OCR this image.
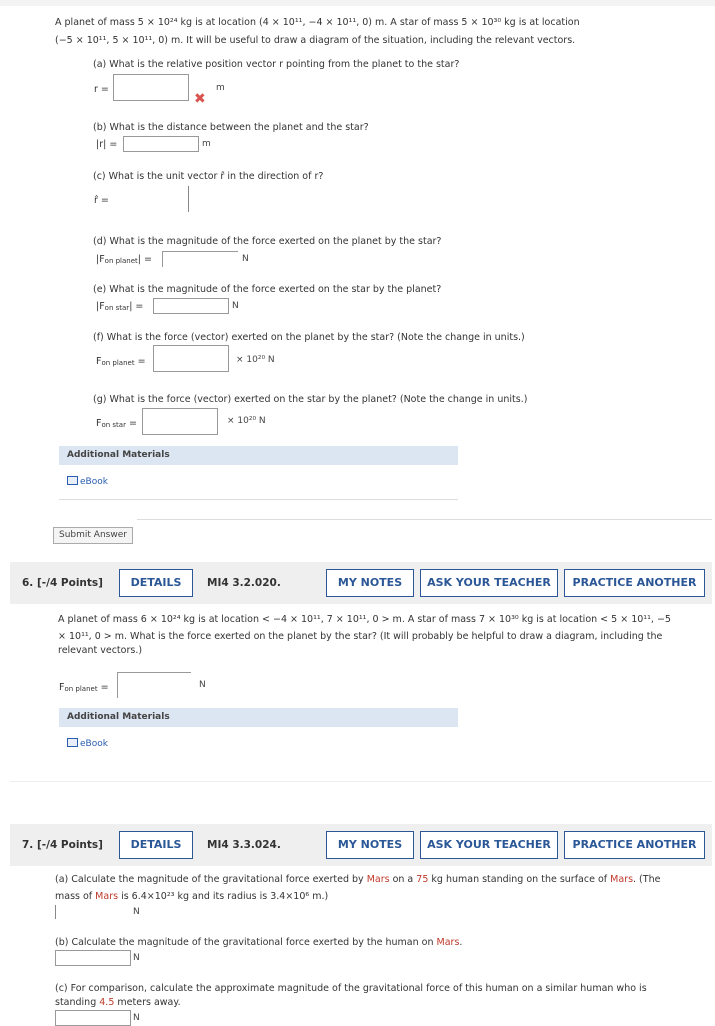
A planet of mass 5 × 10²⁴ kg is at location (4 × 10¹¹, −4 × 10¹¹, 0) m. A star of mass 5 × 10³⁰ kg is at location
(−5 × 10¹¹, 5 × 10¹¹, 0) m. It will be useful to draw a diagram of the situation, including the relevant vectors.
(a) What is the relative position vector r pointing from the planet to the star?
r =	m
✖
(b) What is the distance between the planet and the star?
|r| =	m
(c) What is the unit vector r̂ in the direction of r?
r̂ =
(d) What is the magnitude of the force exerted on the planet by the star?
|Fon planet| =	N
(e) What is the magnitude of the force exerted on the star by the planet?
|Fon star| =	N
(f) What is the force (vector) exerted on the planet by the star? (Note the change in units.)
Fon planet =	× 10²⁰ N
(g) What is the force (vector) exerted on the star by the planet? (Note the change in units.)
Fon star =	× 10²⁰ N
Additional Materials
eBook
Submit Answer
6. [-/4 Points]	DETAILS	MI4 3.2.020.	MY NOTES	ASK YOUR TEACHER	PRACTICE ANOTHER
A planet of mass 6 × 10²⁴ kg is at location < −4 × 10¹¹, 7 × 10¹¹, 0 > m. A star of mass 7 × 10³⁰ kg is at location < 5 × 10¹¹, −5
× 10¹¹, 0 > m. What is the force exerted on the planet by the star? (It will probably be helpful to draw a diagram, including the
relevant vectors.)
Fon planet =	N
Additional Materials
eBook
7. [-/4 Points]	DETAILS	MI4 3.3.024.	MY NOTES	ASK YOUR TEACHER	PRACTICE ANOTHER
(a) Calculate the magnitude of the gravitational force exerted by Mars on a 75 kg human standing on the surface of Mars. (The
mass of Mars is 6.4×10²³ kg and its radius is 3.4×10⁶ m.)
N
(b) Calculate the magnitude of the gravitational force exerted by the human on Mars.
N
(c) For comparison, calculate the approximate magnitude of the gravitational force of this human on a similar human who is
standing 4.5 meters away.
N
